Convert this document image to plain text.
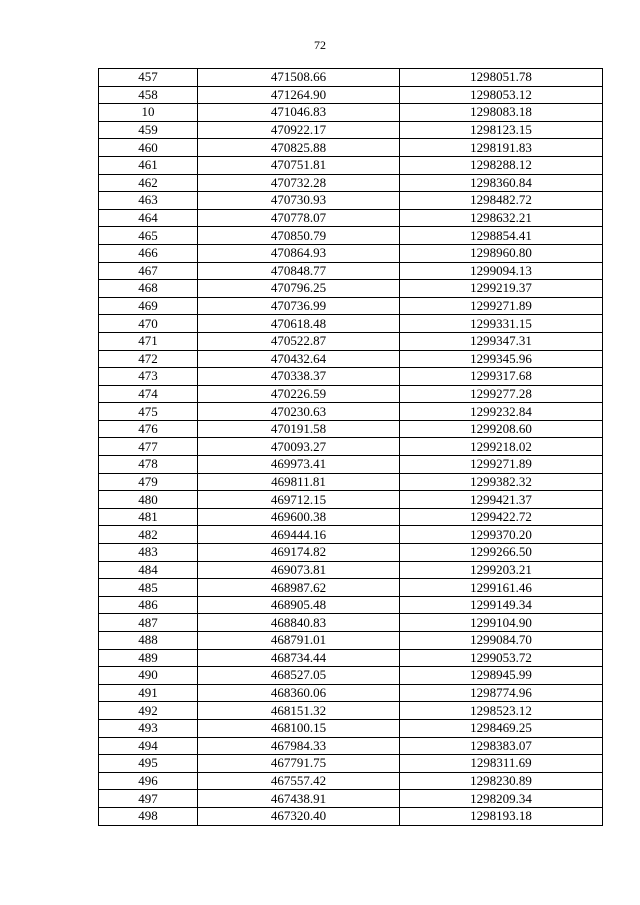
72
457	471508.66	1298051.78
458	471264.90	1298053.12
10	471046.83	1298083.18
459	470922.17	1298123.15
460	470825.88	1298191.83
461	470751.81	1298288.12
462	470732.28	1298360.84
463	470730.93	1298482.72
464	470778.07	1298632.21
465	470850.79	1298854.41
466	470864.93	1298960.80
467	470848.77	1299094.13
468	470796.25	1299219.37
469	470736.99	1299271.89
470	470618.48	1299331.15
471	470522.87	1299347.31
472	470432.64	1299345.96
473	470338.37	1299317.68
474	470226.59	1299277.28
475	470230.63	1299232.84
476	470191.58	1299208.60
477	470093.27	1299218.02
478	469973.41	1299271.89
479	469811.81	1299382.32
480	469712.15	1299421.37
481	469600.38	1299422.72
482	469444.16	1299370.20
483	469174.82	1299266.50
484	469073.81	1299203.21
485	468987.62	1299161.46
486	468905.48	1299149.34
487	468840.83	1299104.90
488	468791.01	1299084.70
489	468734.44	1299053.72
490	468527.05	1298945.99
491	468360.06	1298774.96
492	468151.32	1298523.12
493	468100.15	1298469.25
494	467984.33	1298383.07
495	467791.75	1298311.69
496	467557.42	1298230.89
497	467438.91	1298209.34
498	467320.40	1298193.18
